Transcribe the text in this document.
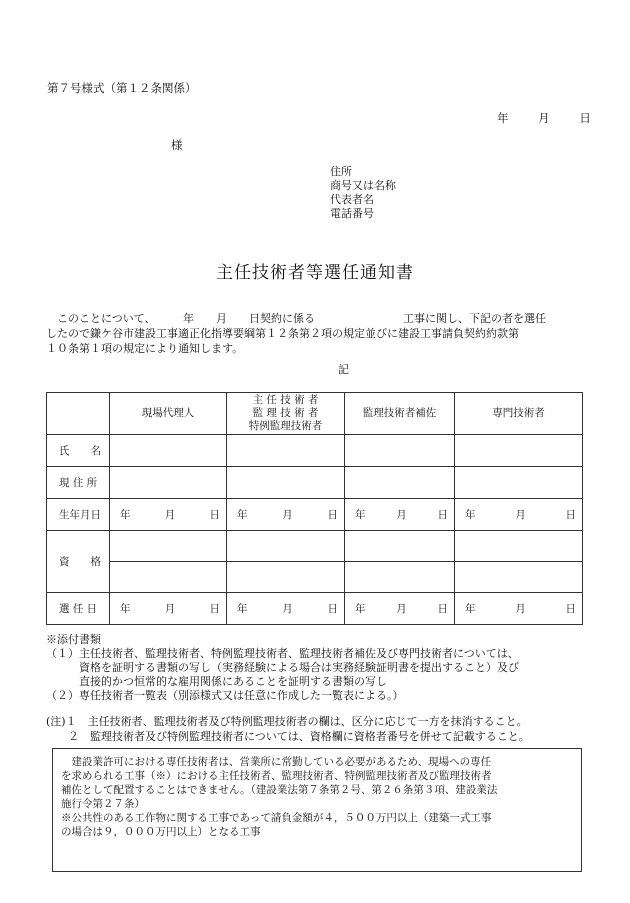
第７号様式（第１２条関係）
年	月	日
様
住所
商号又は名称
代表者名
電話番号
主任技術者等選任通知書
　このことについて、　　　年　　月　　日契約に係る　　　　　　　　工事に関し、下記の者を選任
したので鎌ケ谷市建設工事適正化指導要綱第１２条第２項の規定並びに建設工事請負契約約款第
１０条第１項の規定により通知します。
記
	現場代理人	主 任 技 術 者
監 理 技 術 者
特例監理技術者	監理技術者補佐	専門技術者
氏　　名				
現 住 所				
生年月日	年 月 日	年 月 日	年 月 日	年 月 日

資　　格				

選 任 日	年 月 日	年 月 日	年 月 日	年 月 日
※添付書類
（１）主任技術者、監理技術者、特例監理技術者、監理技術者補佐及び専門技術者については、
　　　資格を証明する書類の写し（実務経験による場合は実務経験証明書を提出すること）及び
　　　直接的かつ恒常的な雇用関係にあることを証明する書類の写し
（２）専任技術者一覧表（別添様式又は任意に作成した一覧表による。）
(注)１　主任技術者、監理技術者及び特例監理技術者の欄は、区分に応じて一方を抹消すること。
　　２　監理技術者及び特例監理技術者については、資格欄に資格者番号を併せて記載すること。
　建設業許可における専任技術者は、営業所に常勤している必要があるため、現場への専任
を求められる工事（※）における主任技術者、監理技術者、特例監理技術者及び監理技術者
補佐として配置することはできません。（建設業法第７条第２号、第２６条第３項、建設業法
施行令第２７条）
※公共性のある工作物に関する工事であって請負金額が４，５００万円以上（建築一式工事
の場合は９，０００万円以上）となる工事
